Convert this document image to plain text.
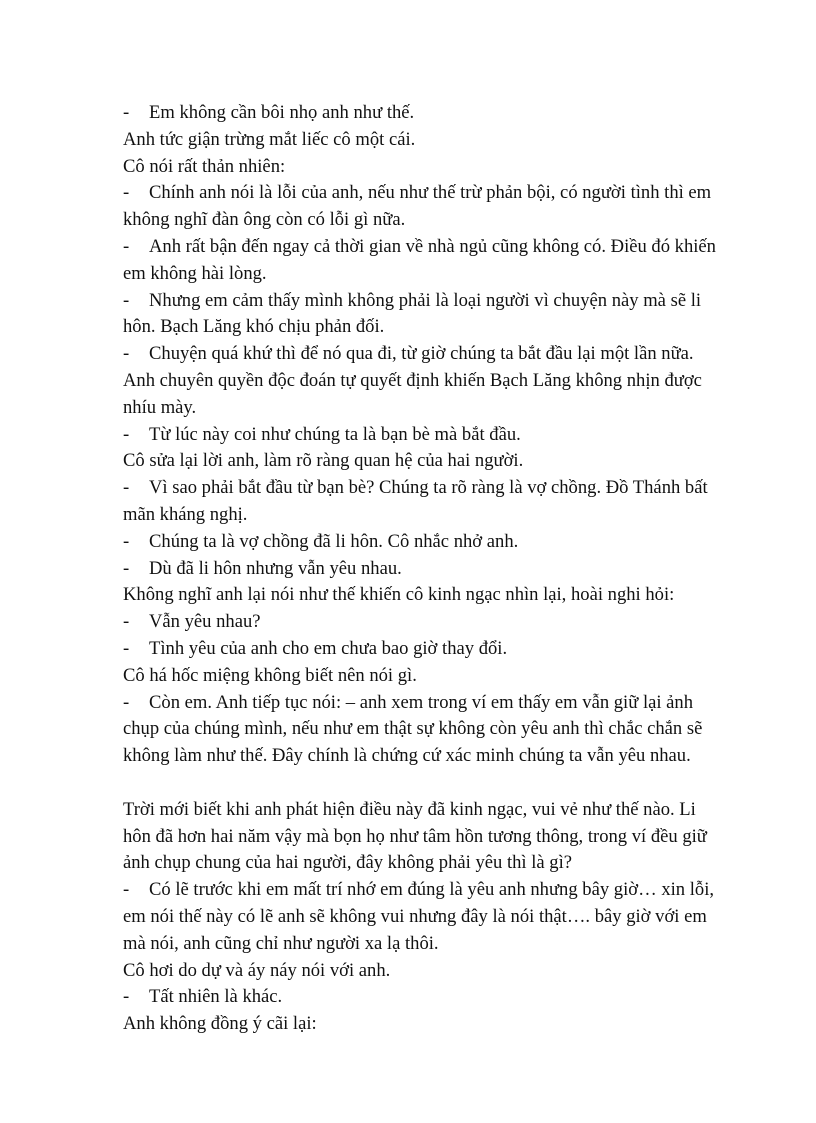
- Em không cần bôi nhọ anh như thế.

Anh tức giận trừng mắt liếc cô một cái.

Cô nói rất thản nhiên:

- Chính anh nói là lỗi của anh, nếu như thế trừ phản bội, có người tình thì em không nghĩ đàn ông còn có lỗi gì nữa.

- Anh rất bận đến ngay cả thời gian về nhà ngủ cũng không có. Điều đó khiến em không hài lòng.

- Nhưng em cảm thấy mình không phải là loại người vì chuyện này mà sẽ li hôn. Bạch Lăng khó chịu phản đối.

- Chuyện quá khứ thì để nó qua đi, từ giờ chúng ta bắt đầu lại một lần nữa.

Anh chuyên quyền độc đoán tự quyết định khiến Bạch Lăng không nhịn được nhíu mày.

- Từ lúc này coi như chúng ta là bạn bè mà bắt đầu.

Cô sửa lại lời anh, làm rõ ràng quan hệ của hai người.

- Vì sao phải bắt đầu từ bạn bè? Chúng ta rõ ràng là vợ chồng. Đồ Thánh bất mãn kháng nghị.

- Chúng ta là vợ chồng đã li hôn. Cô nhắc nhở anh.

- Dù đã li hôn nhưng vẫn yêu nhau.

Không nghĩ anh lại nói như thế khiến cô kinh ngạc nhìn lại, hoài nghi hỏi:

- Vẫn yêu nhau?

- Tình yêu của anh cho em chưa bao giờ thay đổi.

Cô há hốc miệng không biết nên nói gì.

- Còn em. Anh tiếp tục nói: – anh xem trong ví em thấy em vẫn giữ lại ảnh chụp của chúng mình, nếu như em thật sự không còn yêu anh thì chắc chắn sẽ không làm như thế. Đây chính là chứng cứ xác minh chúng ta vẫn yêu nhau.

Trời mới biết khi anh phát hiện điều này đã kinh ngạc, vui vẻ như thế nào. Li hôn đã hơn hai năm vậy mà bọn họ như tâm hồn tương thông, trong ví đều giữ ảnh chụp chung của hai người, đây không phải yêu thì là gì?

- Có lẽ trước khi em mất trí nhớ em đúng là yêu anh nhưng bây giờ… xin lỗi, em nói thế này có lẽ anh sẽ không vui nhưng đây là nói thật…. bây giờ với em mà nói, anh cũng chỉ như người xa lạ thôi.

Cô hơi do dự và áy náy nói với anh.

- Tất nhiên là khác.

Anh không đồng ý cãi lại:
